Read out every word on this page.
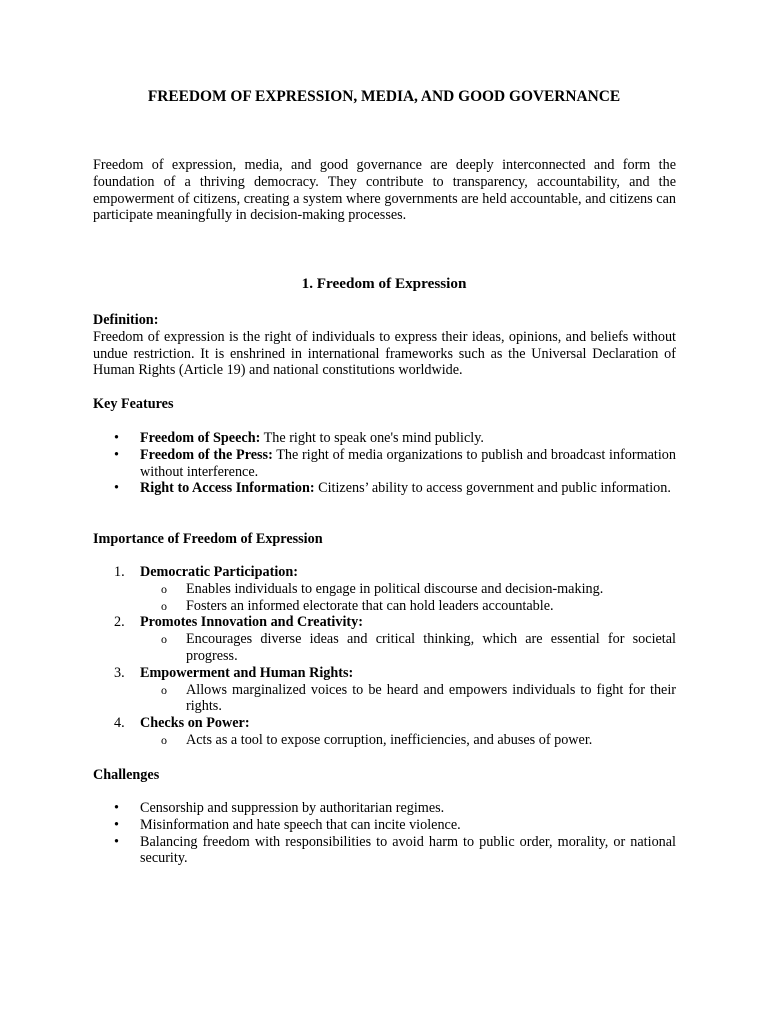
FREEDOM OF EXPRESSION, MEDIA, AND GOOD GOVERNANCE

Freedom of expression, media, and good governance are deeply interconnected and form the foundation of a thriving democracy. They contribute to transparency, accountability, and the empowerment of citizens, creating a system where governments are held accountable, and citizens can participate meaningfully in decision-making processes.

1. Freedom of Expression
Definition:
Freedom of expression is the right of individuals to express their ideas, opinions, and beliefs without undue restriction. It is enshrined in international frameworks such as the Universal Declaration of Human Rights (Article 19) and national constitutions worldwide.
Key Features
• Freedom of Speech: The right to speak one's mind publicly.
• Freedom of the Press: The right of media organizations to publish and broadcast information without interference.
• Right to Access Information: Citizens’ ability to access government and public information.
Importance of Freedom of Expression
1. Democratic Participation:
o Enables individuals to engage in political discourse and decision-making.
o Fosters an informed electorate that can hold leaders accountable.
2. Promotes Innovation and Creativity:
o Encourages diverse ideas and critical thinking, which are essential for societal progress.
3. Empowerment and Human Rights:
o Allows marginalized voices to be heard and empowers individuals to fight for their rights.
4. Checks on Power:
o Acts as a tool to expose corruption, inefficiencies, and abuses of power.
Challenges
• Censorship and suppression by authoritarian regimes.
• Misinformation and hate speech that can incite violence.
• Balancing freedom with responsibilities to avoid harm to public order, morality, or national security.
